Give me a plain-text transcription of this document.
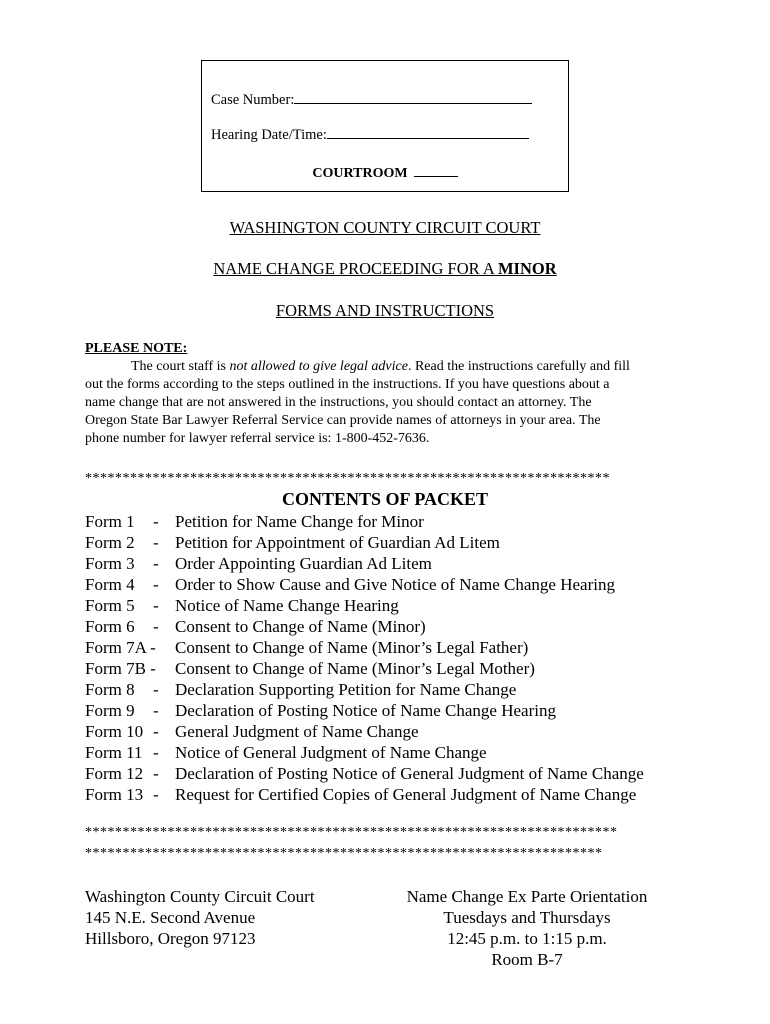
Case Number:
Hearing Date/Time:
COURTROOM
WASHINGTON COUNTY CIRCUIT COURT
NAME CHANGE PROCEEDING FOR A MINOR
FORMS AND INSTRUCTIONS
PLEASE NOTE:
The court staff is not allowed to give legal advice. Read the instructions carefully and fill
out the forms according to the steps outlined in the instructions. If you have questions about a
name change that are not answered in the instructions, you should contact an attorney. The
Oregon State Bar Lawyer Referral Service can provide names of attorneys in your area. The
phone number for lawyer referral service is: 1-800-452-7636.
**********************************************************************
CONTENTS OF PACKET
Form 1 - Petition for Name Change for Minor
Form 2 - Petition for Appointment of Guardian Ad Litem
Form 3 - Order Appointing Guardian Ad Litem
Form 4 - Order to Show Cause and Give Notice of Name Change Hearing
Form 5 - Notice of Name Change Hearing
Form 6 - Consent to Change of Name (Minor)
Form 7A - Consent to Change of Name (Minor’s Legal Father)
Form 7B - Consent to Change of Name (Minor’s Legal Mother)
Form 8 - Declaration Supporting Petition for Name Change
Form 9 - Declaration of Posting Notice of Name Change Hearing
Form 10 - General Judgment of Name Change
Form 11 - Notice of General Judgment of Name Change
Form 12 - Declaration of Posting Notice of General Judgment of Name Change
Form 13 - Request for Certified Copies of General Judgment of Name Change
***********************************************************************
*********************************************************************
Washington County Circuit Court
145 N.E. Second Avenue
Hillsboro, Oregon 97123
Name Change Ex Parte Orientation
Tuesdays and Thursdays
12:45 p.m. to 1:15 p.m.
Room B-7
